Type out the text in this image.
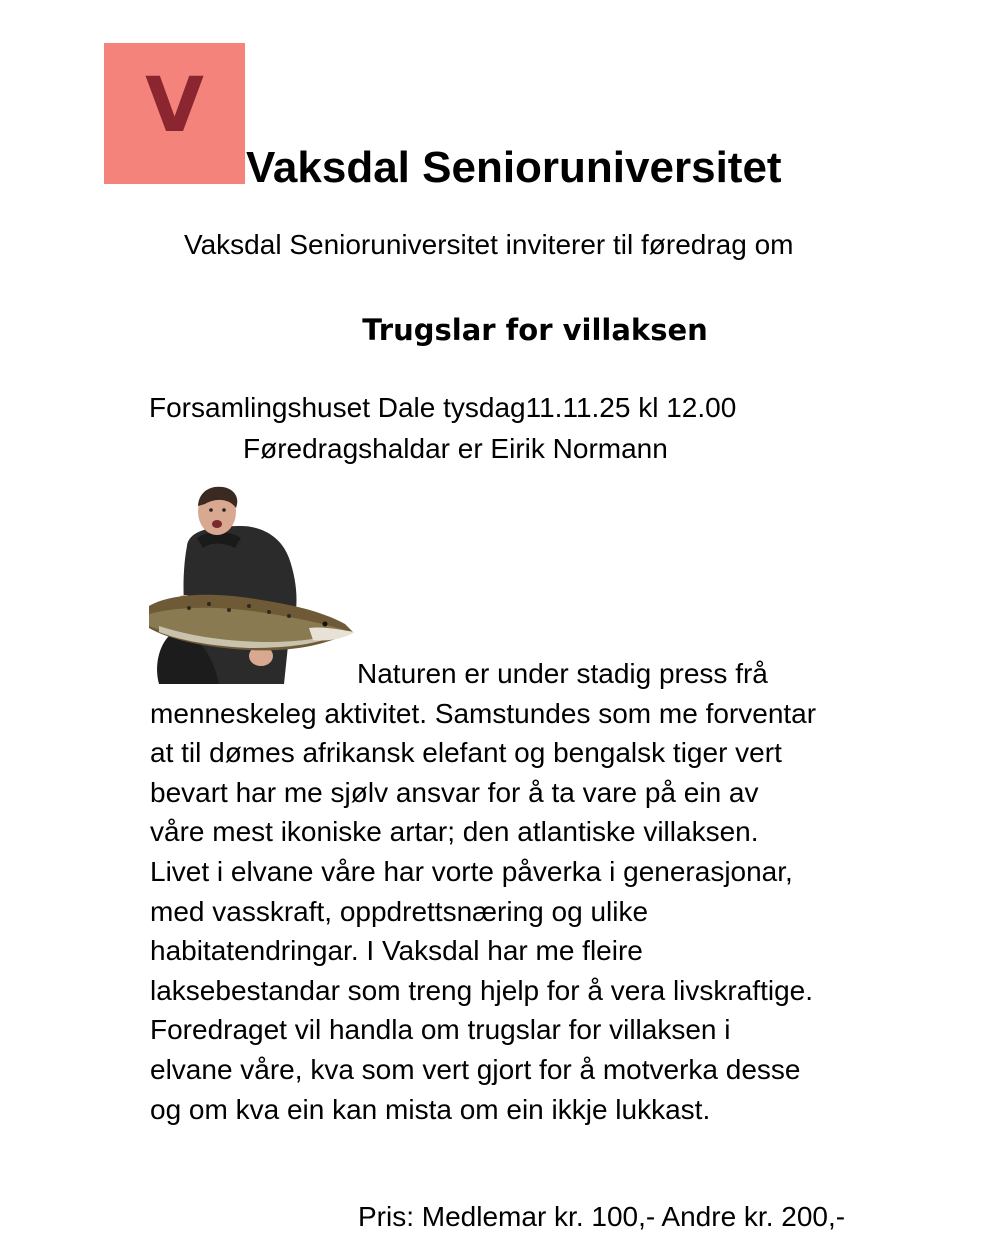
V
Vaksdal Senioruniversitet
Vaksdal Senioruniversitet inviterer til føredrag om
Trugslar for villaksen
Forsamlingshuset Dale tysdag11.11.25 kl 12.00
Føredragshaldar er Eirik Normann
Naturen er under stadig press frå
menneskeleg aktivitet. Samstundes som me forventar
at til dømes afrikansk elefant og bengalsk tiger vert
bevart har me sjølv ansvar for å ta vare på ein av
våre mest ikoniske artar; den atlantiske villaksen.
Livet i elvane våre har vorte påverka i generasjonar,
med vasskraft, oppdrettsnæring og ulike
habitatendringar. I Vaksdal har me fleire
laksebestandar som treng hjelp for å vera livskraftige.
Foredraget vil handla om trugslar for villaksen i
elvane våre, kva som vert gjort for å motverka desse
og om kva ein kan mista om ein ikkje lukkast.
Pris: Medlemar kr. 100,- Andre kr. 200,-
